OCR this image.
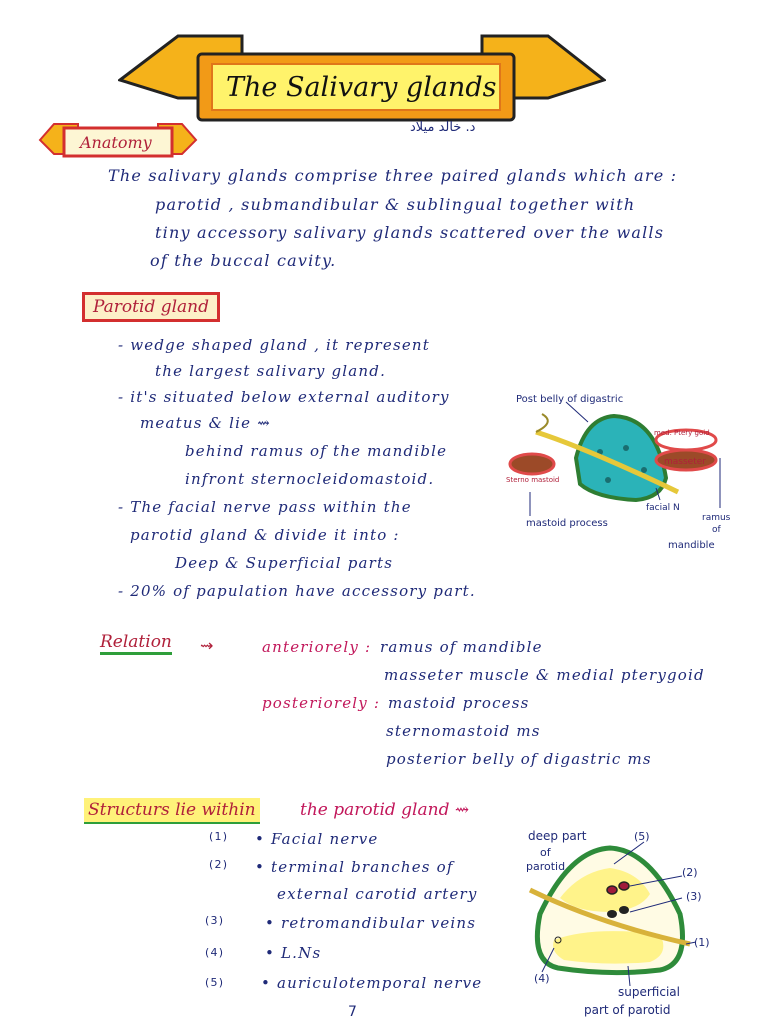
The Salivary glands
د. خالد ميلاد
Anatomy
The salivary glands comprise three paired glands which are :
parotid , submandibular & sublingual together with
tiny accessory salivary glands scattered over the walls
of the buccal cavity.
Parotid gland
- wedge shaped gland , it represent
the largest salivary gland.
- it's situated below external auditory
meatus & lie ⇝
behind ramus of the mandible
infront sternocleidomastoid.
- The facial nerve pass within the
parotid gland & divide it into :
Deep & Superficial parts
- 20% of papulation have accessory part.
Post belly of digastric
med. Ptery goid
masseter
Sterno mastoid
facial N
mastoid process	ramus
of
mandible
Relation ⇝	anteriorely : ramus of mandible
masseter muscle & medial pterygoid
posteriorely : mastoid process
sternomastoid ms
posterior belly of digastric ms
Structurs lie within	the parotid gland ⇝
(1) • Facial nerve
(2) • terminal branches of
external carotid artery
(3)	• retromandibular veins
(4)	• L.Ns
(5) • auriculotemporal nerve
deep part
of
parotid
(5)
(2)
(3)
(1)
(4)
superficial
part of parotid
7
